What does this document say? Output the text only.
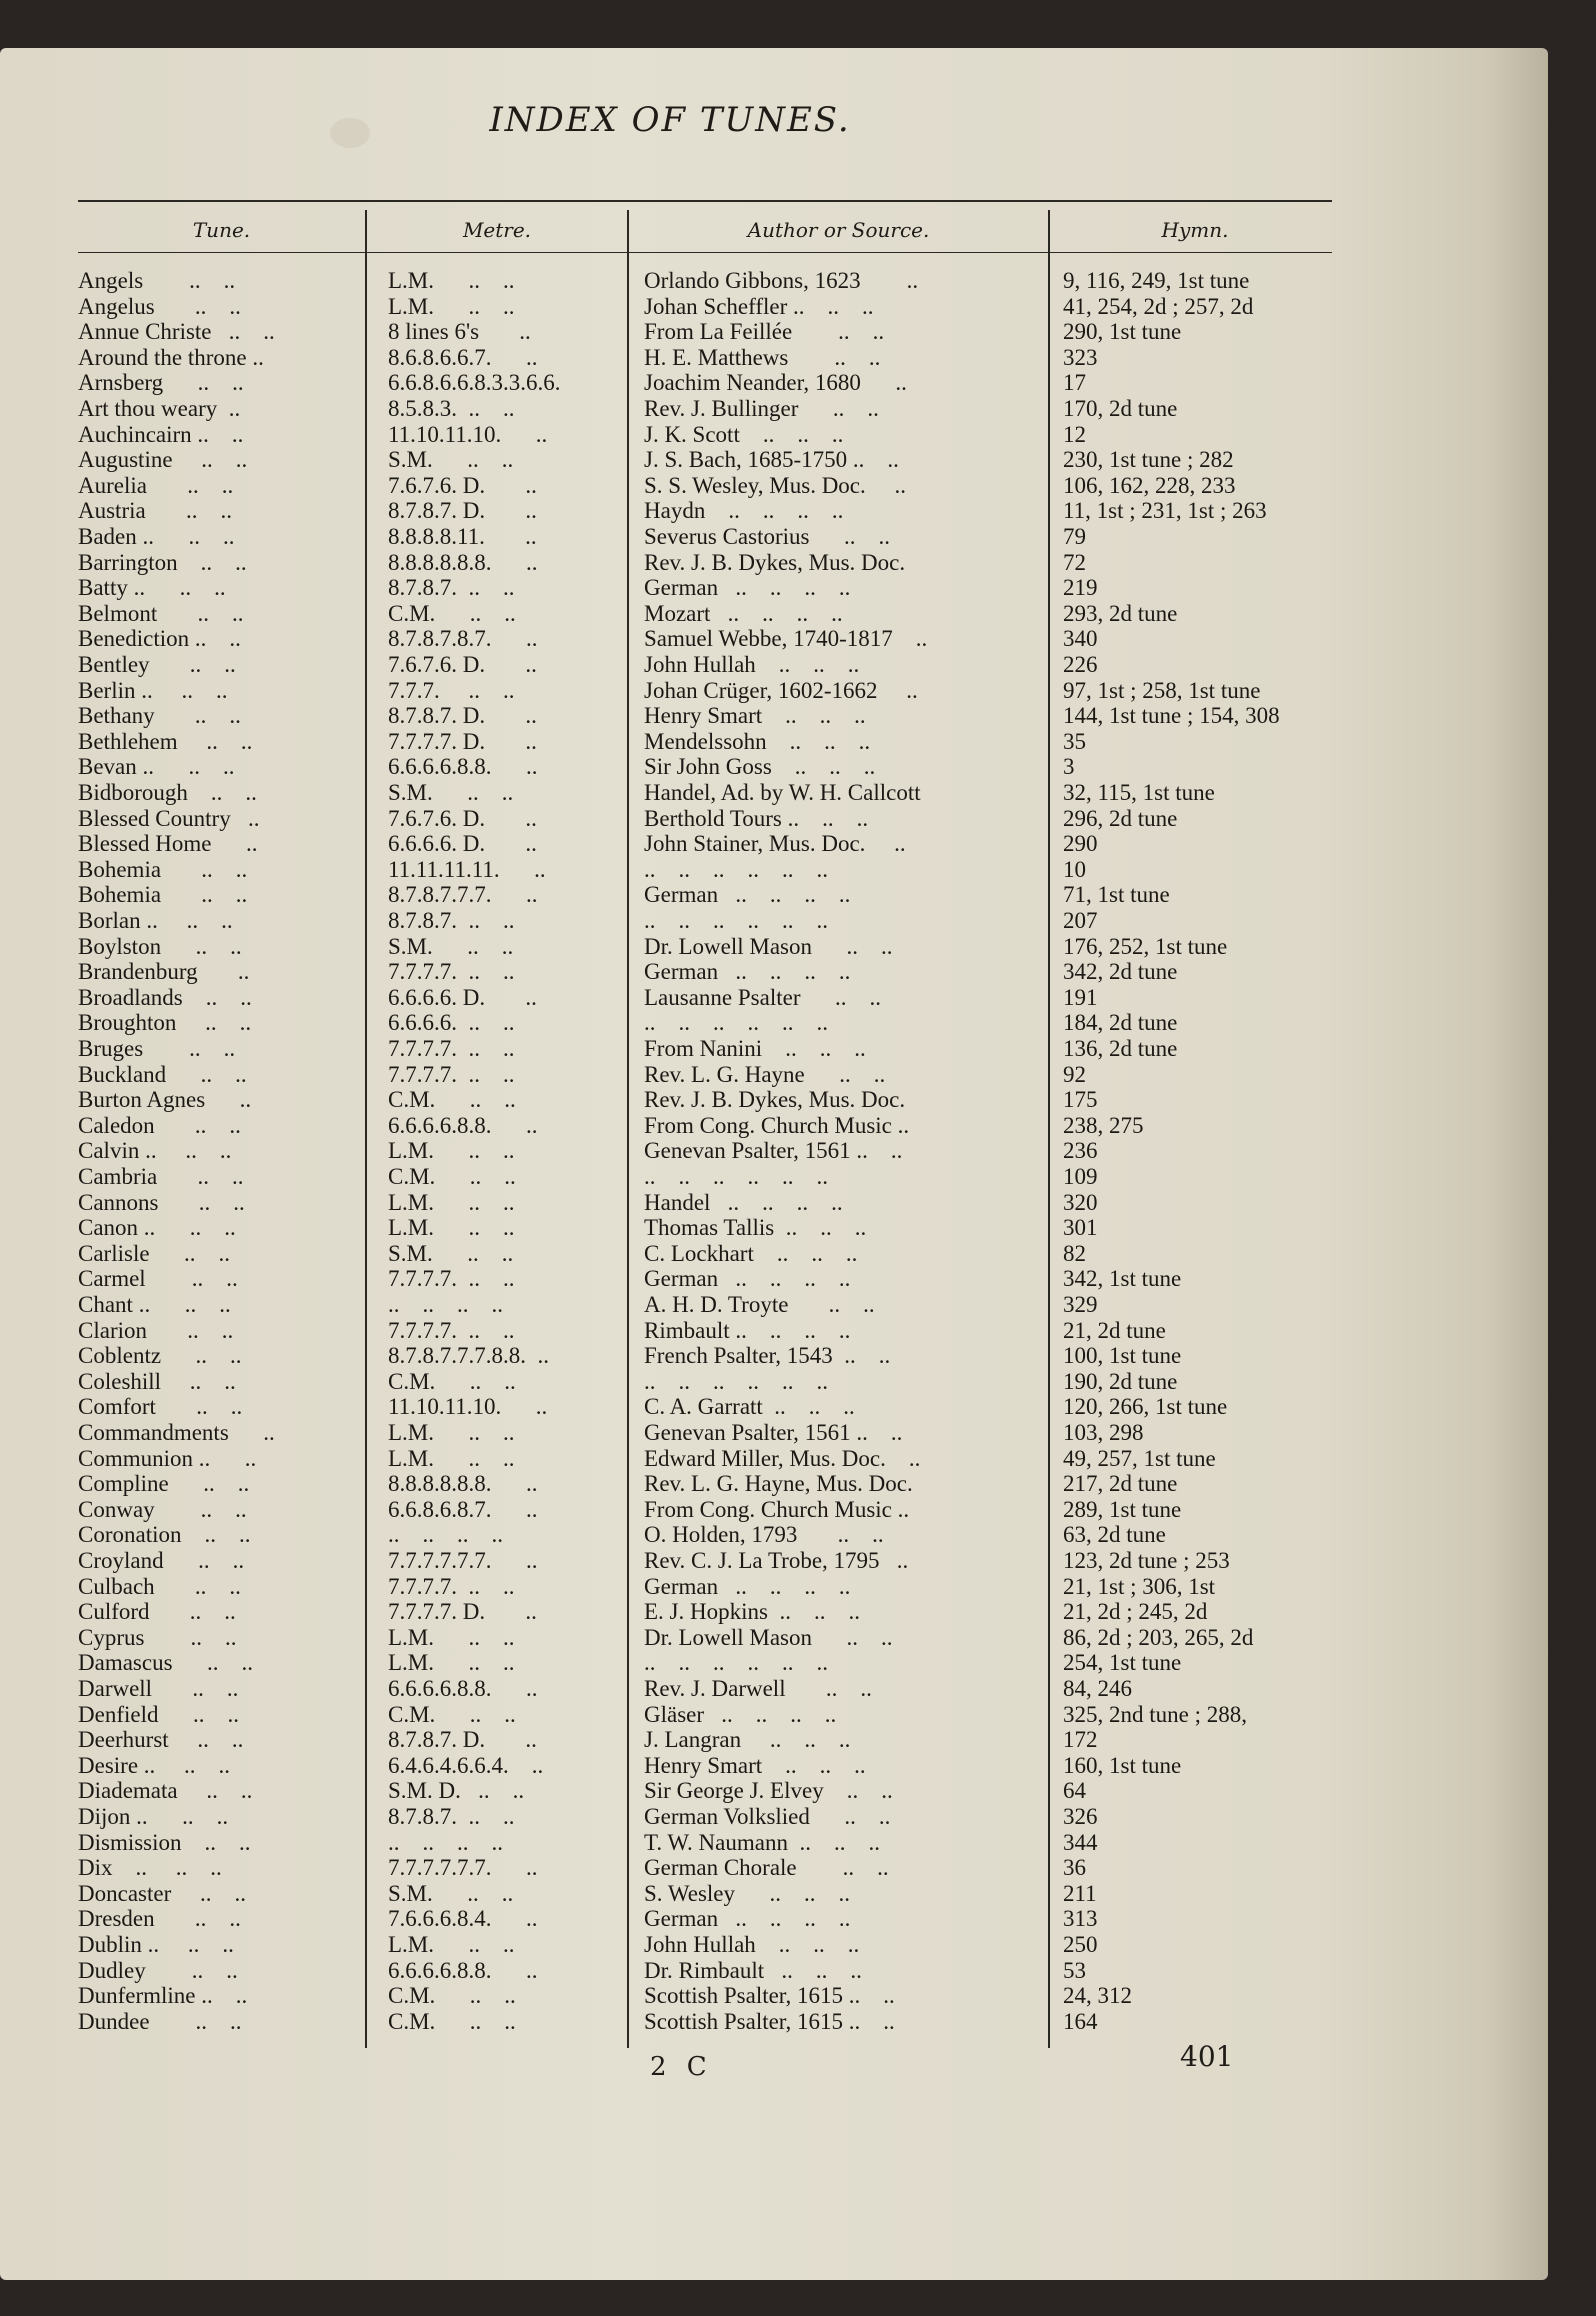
INDEX OF TUNES.
Tune.	Metre.	Author or Source.	Hymn.
Angels        ..    ..	L.M.      ..    ..	Orlando Gibbons, 1623        ..	9, 116, 249, 1st tune
Angelus       ..    ..	L.M.      ..    ..	Johan Scheffler ..    ..    ..	41, 254, 2d ; 257, 2d
Annue Christe   ..    ..	8 lines 6's       ..	From La Feillée        ..    ..	290, 1st tune
Around the throne ..	8.6.8.6.6.7.      ..	H. E. Matthews        ..    ..	323
Arnsberg      ..    ..	6.6.8.6.6.8.3.3.6.6.	Joachim Neander, 1680      ..	17
Art thou weary  ..	8.5.8.3.  ..    ..	Rev. J. Bullinger      ..    ..	170, 2d tune
Auchincairn ..    ..	11.10.11.10.      ..	J. K. Scott    ..    ..    ..	12
Augustine     ..    ..	S.M.      ..    ..	J. S. Bach, 1685-1750 ..    ..	230, 1st tune ; 282
Aurelia       ..    ..	7.6.7.6. D.       ..	S. S. Wesley, Mus. Doc.     ..	106, 162, 228, 233
Austria       ..    ..	8.7.8.7. D.       ..	Haydn    ..    ..    ..    ..	11, 1st ; 231, 1st ; 263
Baden ..      ..    ..	8.8.8.8.11.       ..	Severus Castorius      ..    ..	79
Barrington    ..    ..	8.8.8.8.8.8.      ..	Rev. J. B. Dykes, Mus. Doc.	72
Batty ..      ..    ..	8.7.8.7.  ..    ..	German   ..    ..    ..    ..	219
Belmont       ..    ..	C.M.      ..    ..	Mozart   ..    ..    ..    ..	293, 2d tune
Benediction ..    ..	8.7.8.7.8.7.      ..	Samuel Webbe, 1740-1817    ..	340
Bentley       ..    ..	7.6.7.6. D.       ..	John Hullah    ..    ..    ..	226
Berlin ..     ..    ..	7.7.7.     ..    ..	Johan Crüger, 1602-1662     ..	97, 1st ; 258, 1st tune
Bethany       ..    ..	8.7.8.7. D.       ..	Henry Smart    ..    ..    ..	144, 1st tune ; 154, 308
Bethlehem     ..    ..	7.7.7.7. D.       ..	Mendelssohn    ..    ..    ..	35
Bevan ..      ..    ..	6.6.6.6.8.8.      ..	Sir John Goss    ..    ..    ..	3
Bidborough    ..    ..	S.M.      ..    ..	Handel, Ad. by W. H. Callcott	32, 115, 1st tune
Blessed Country   ..	7.6.7.6. D.       ..	Berthold Tours ..    ..    ..	296, 2d tune
Blessed Home      ..	6.6.6.6. D.       ..	John Stainer, Mus. Doc.     ..	290
Bohemia       ..    ..	11.11.11.11.      ..	..    ..    ..    ..    ..    ..	10
Bohemia       ..    ..	8.7.8.7.7.7.      ..	German   ..    ..    ..    ..	71, 1st tune
Borlan ..     ..    ..	8.7.8.7.  ..    ..	..    ..    ..    ..    ..    ..	207
Boylston      ..    ..	S.M.      ..    ..	Dr. Lowell Mason      ..    ..	176, 252, 1st tune
Brandenburg       ..	7.7.7.7.  ..    ..	German   ..    ..    ..    ..	342, 2d tune
Broadlands    ..    ..	6.6.6.6. D.       ..	Lausanne Psalter      ..    ..	191
Broughton     ..    ..	6.6.6.6.  ..    ..	..    ..    ..    ..    ..    ..	184, 2d tune
Bruges        ..    ..	7.7.7.7.  ..    ..	From Nanini    ..    ..    ..	136, 2d tune
Buckland      ..    ..	7.7.7.7.  ..    ..	Rev. L. G. Hayne      ..    ..	92
Burton Agnes      ..	C.M.      ..    ..	Rev. J. B. Dykes, Mus. Doc.	175
Caledon       ..    ..	6.6.6.6.8.8.      ..	From Cong. Church Music ..	238, 275
Calvin ..     ..    ..	L.M.      ..    ..	Genevan Psalter, 1561 ..    ..	236
Cambria       ..    ..	C.M.      ..    ..	..    ..    ..    ..    ..    ..	109
Cannons       ..    ..	L.M.      ..    ..	Handel   ..    ..    ..    ..	320
Canon ..      ..    ..	L.M.      ..    ..	Thomas Tallis  ..    ..    ..	301
Carlisle      ..    ..	S.M.      ..    ..	C. Lockhart    ..    ..    ..	82
Carmel        ..    ..	7.7.7.7.  ..    ..	German   ..    ..    ..    ..	342, 1st tune
Chant ..      ..    ..	..    ..    ..    ..	A. H. D. Troyte       ..    ..	329
Clarion       ..    ..	7.7.7.7.  ..    ..	Rimbault ..    ..    ..    ..	21, 2d tune
Coblentz      ..    ..	8.7.8.7.7.7.8.8.  ..	French Psalter, 1543  ..    ..	100, 1st tune
Coleshill     ..    ..	C.M.      ..    ..	..    ..    ..    ..    ..    ..	190, 2d tune
Comfort       ..    ..	11.10.11.10.      ..	C. A. Garratt  ..    ..    ..	120, 266, 1st tune
Commandments      ..	L.M.      ..    ..	Genevan Psalter, 1561 ..    ..	103, 298
Communion ..      ..	L.M.      ..    ..	Edward Miller, Mus. Doc.    ..	49, 257, 1st tune
Compline      ..    ..	8.8.8.8.8.8.      ..	Rev. L. G. Hayne, Mus. Doc.	217, 2d tune
Conway        ..    ..	6.6.8.6.8.7.      ..	From Cong. Church Music ..	289, 1st tune
Coronation    ..    ..	..    ..    ..    ..	O. Holden, 1793       ..    ..	63, 2d tune
Croyland      ..    ..	7.7.7.7.7.7.      ..	Rev. C. J. La Trobe, 1795   ..	123, 2d tune ; 253
Culbach       ..    ..	7.7.7.7.  ..    ..	German   ..    ..    ..    ..	21, 1st ; 306, 1st
Culford       ..    ..	7.7.7.7. D.       ..	E. J. Hopkins  ..    ..    ..	21, 2d ; 245, 2d
Cyprus        ..    ..	L.M.      ..    ..	Dr. Lowell Mason      ..    ..	86, 2d ; 203, 265, 2d
Damascus      ..    ..	L.M.      ..    ..	..    ..    ..    ..    ..    ..	254, 1st tune
Darwell       ..    ..	6.6.6.6.8.8.      ..	Rev. J. Darwell       ..    ..	84, 246
Denfield      ..    ..	C.M.      ..    ..	Gläser   ..    ..    ..    ..	325, 2nd tune ; 288,
Deerhurst     ..    ..	8.7.8.7. D.       ..	J. Langran     ..    ..    ..	172
Desire ..     ..    ..	6.4.6.4.6.6.4.    ..	Henry Smart    ..    ..    ..	160, 1st tune
Diademata     ..    ..	S.M. D.   ..    ..	Sir George J. Elvey    ..    ..	64
Dijon ..      ..    ..	8.7.8.7.  ..    ..	German Volkslied      ..    ..	326
Dismission    ..    ..	..    ..    ..    ..	T. W. Naumann  ..    ..    ..	344
Dix    ..     ..    ..	7.7.7.7.7.7.      ..	German Chorale        ..    ..	36
Doncaster     ..    ..	S.M.      ..    ..	S. Wesley      ..    ..    ..	211
Dresden       ..    ..	7.6.6.6.8.4.      ..	German   ..    ..    ..    ..	313
Dublin ..     ..    ..	L.M.      ..    ..	John Hullah    ..    ..    ..	250
Dudley        ..    ..	6.6.6.6.8.8.      ..	Dr. Rimbault   ..    ..    ..	53
Dunfermline ..    ..	C.M.      ..    ..	Scottish Psalter, 1615 ..    ..	24, 312
Dundee        ..    ..	C.M.      ..    ..	Scottish Psalter, 1615 ..    ..	164
2 C	401
